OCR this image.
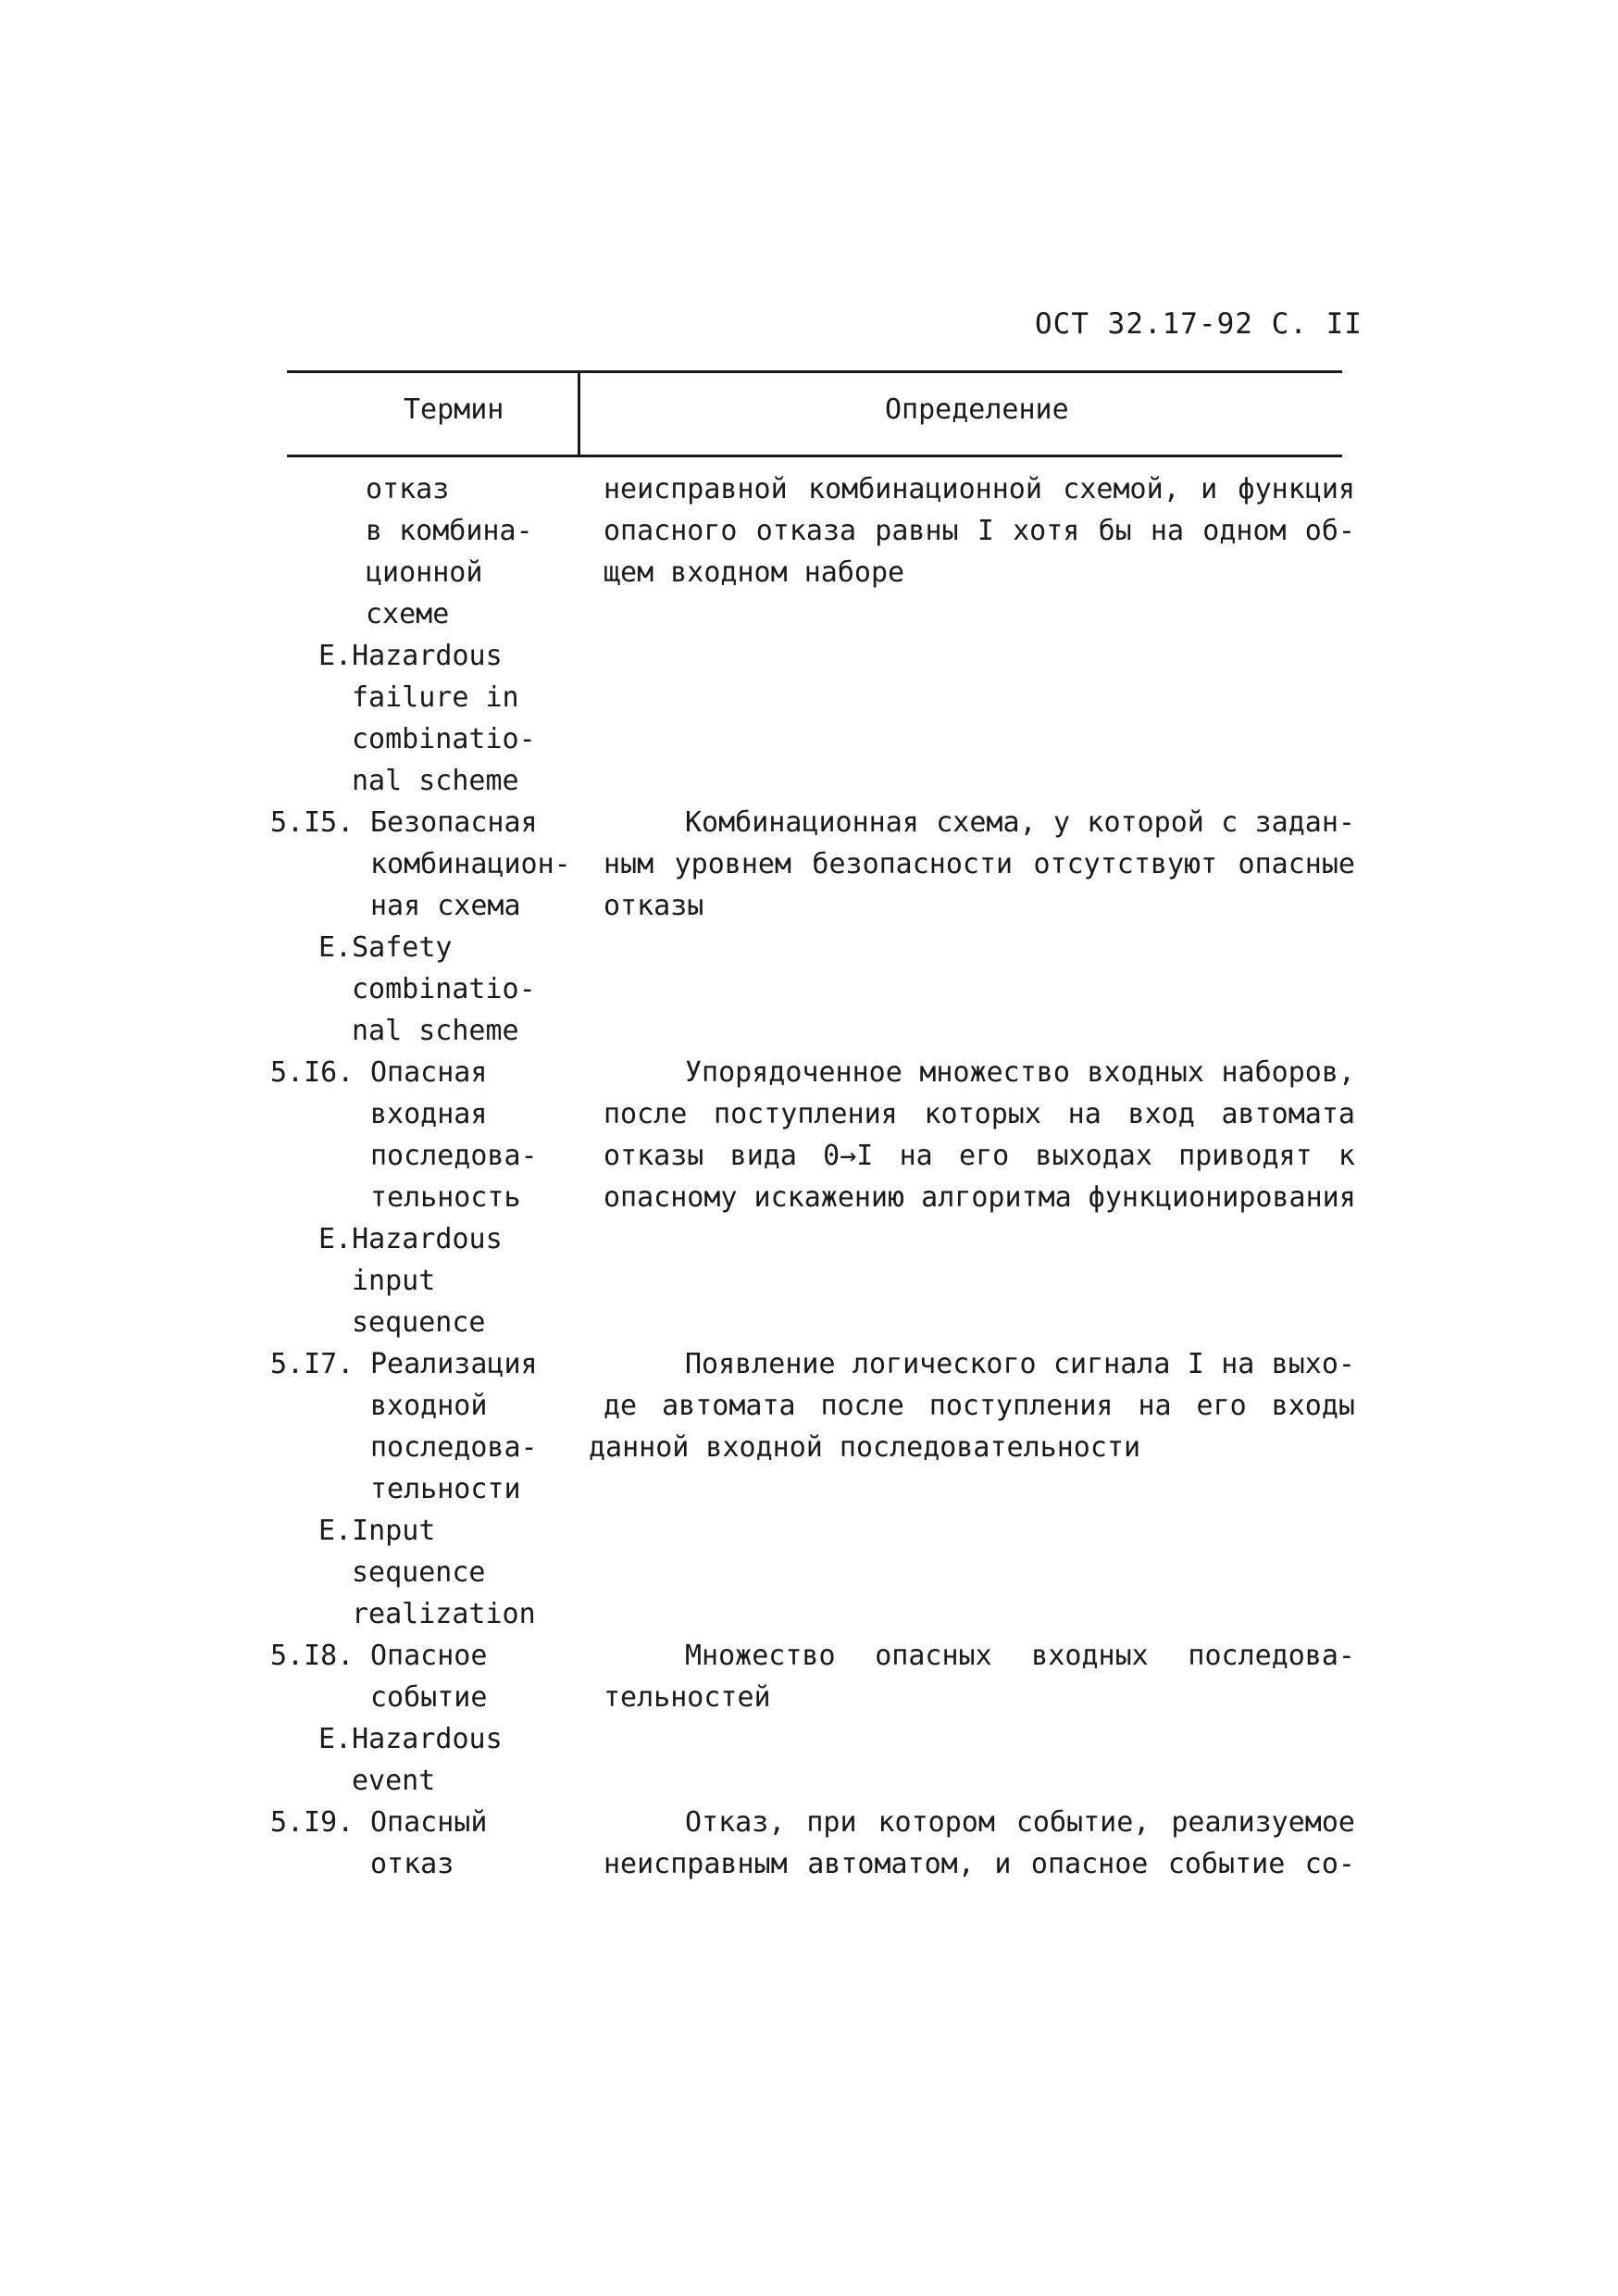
ОСТ 32.17-92 С. II
Термин	Определение
отказ
в комбина-
ционной
схеме
E.Hazardous
failure in
combinatio-
nal scheme
неисправной комбинационной схемой, и функция
опасного отказа равны I хотя бы на одном об-
щем входном наборе
5.I5. Безопасная
комбинацион-
ная схема
E.Safety
combinatio-
nal scheme
Комбинационная схема, у которой с задан-
ным уровнем безопасности отсутствуют опасные
отказы
5.I6. Опасная
входная
последова-
тельность
E.Hazardous
input
sequence
Упорядоченное множество входных наборов,
после поступления которых на вход автомата
отказы вида 0→I на его выходах приводят к
опасному искажению алгоритма функционирования
5.I7. Реализация
входной
последова-
тельности
E.Input
sequence
realization
Появление логического сигнала I на выхо-
де автомата после поступления на его входы
данной входной последовательности
5.I8. Опасное
событие
E.Hazardous
event
Множество опасных входных последова-
тельностей
5.I9. Опасный
отказ
Отказ, при котором событие, реализуемое
неисправным автоматом, и опасное событие со-
